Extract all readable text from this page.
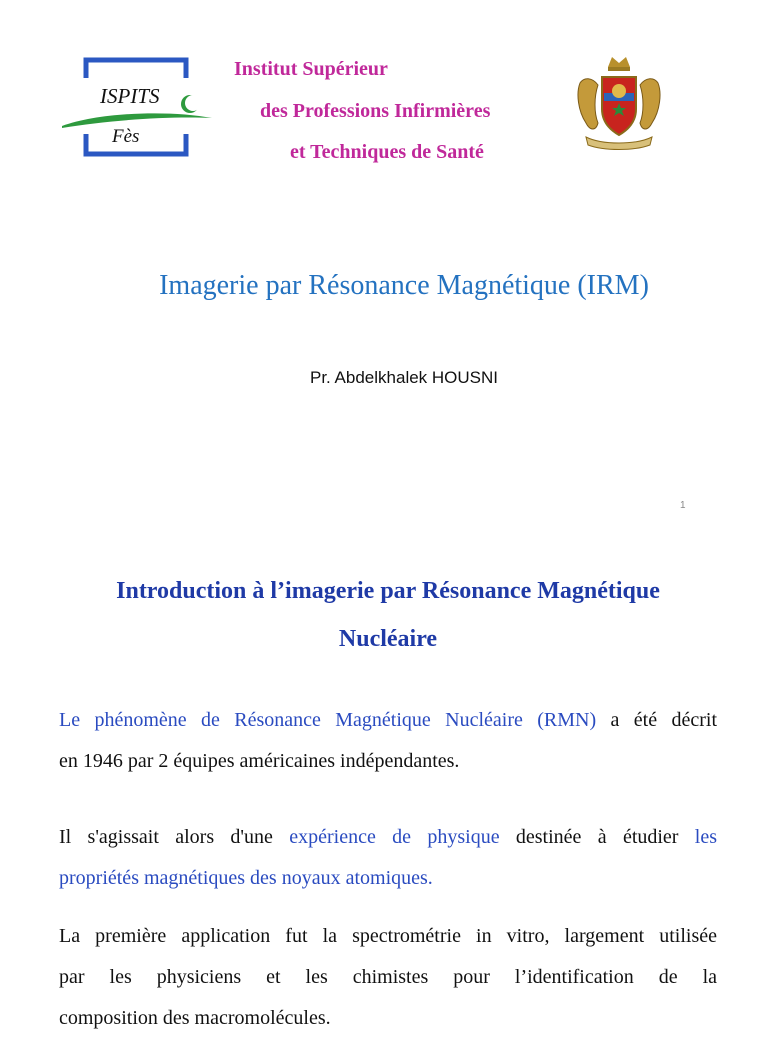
ISPITS
Fès
Institut Supérieur
des Professions Infirmières
et Techniques de Santé
Imagerie par Résonance Magnétique (IRM)
Pr. Abdelkhalek HOUSNI
1
Introduction à l’imagerie par Résonance Magnétique
Nucléaire
Le phénomène de Résonance Magnétique Nucléaire (RMN) a été décrit
en 1946 par 2 équipes américaines indépendantes.
Il s'agissait alors d'une expérience de physique destinée à étudier les
propriétés magnétiques des noyaux atomiques.
La première application fut la spectrométrie in vitro, largement utilisée
par les physiciens et les chimistes pour l’identification de la
composition des macromolécules.
